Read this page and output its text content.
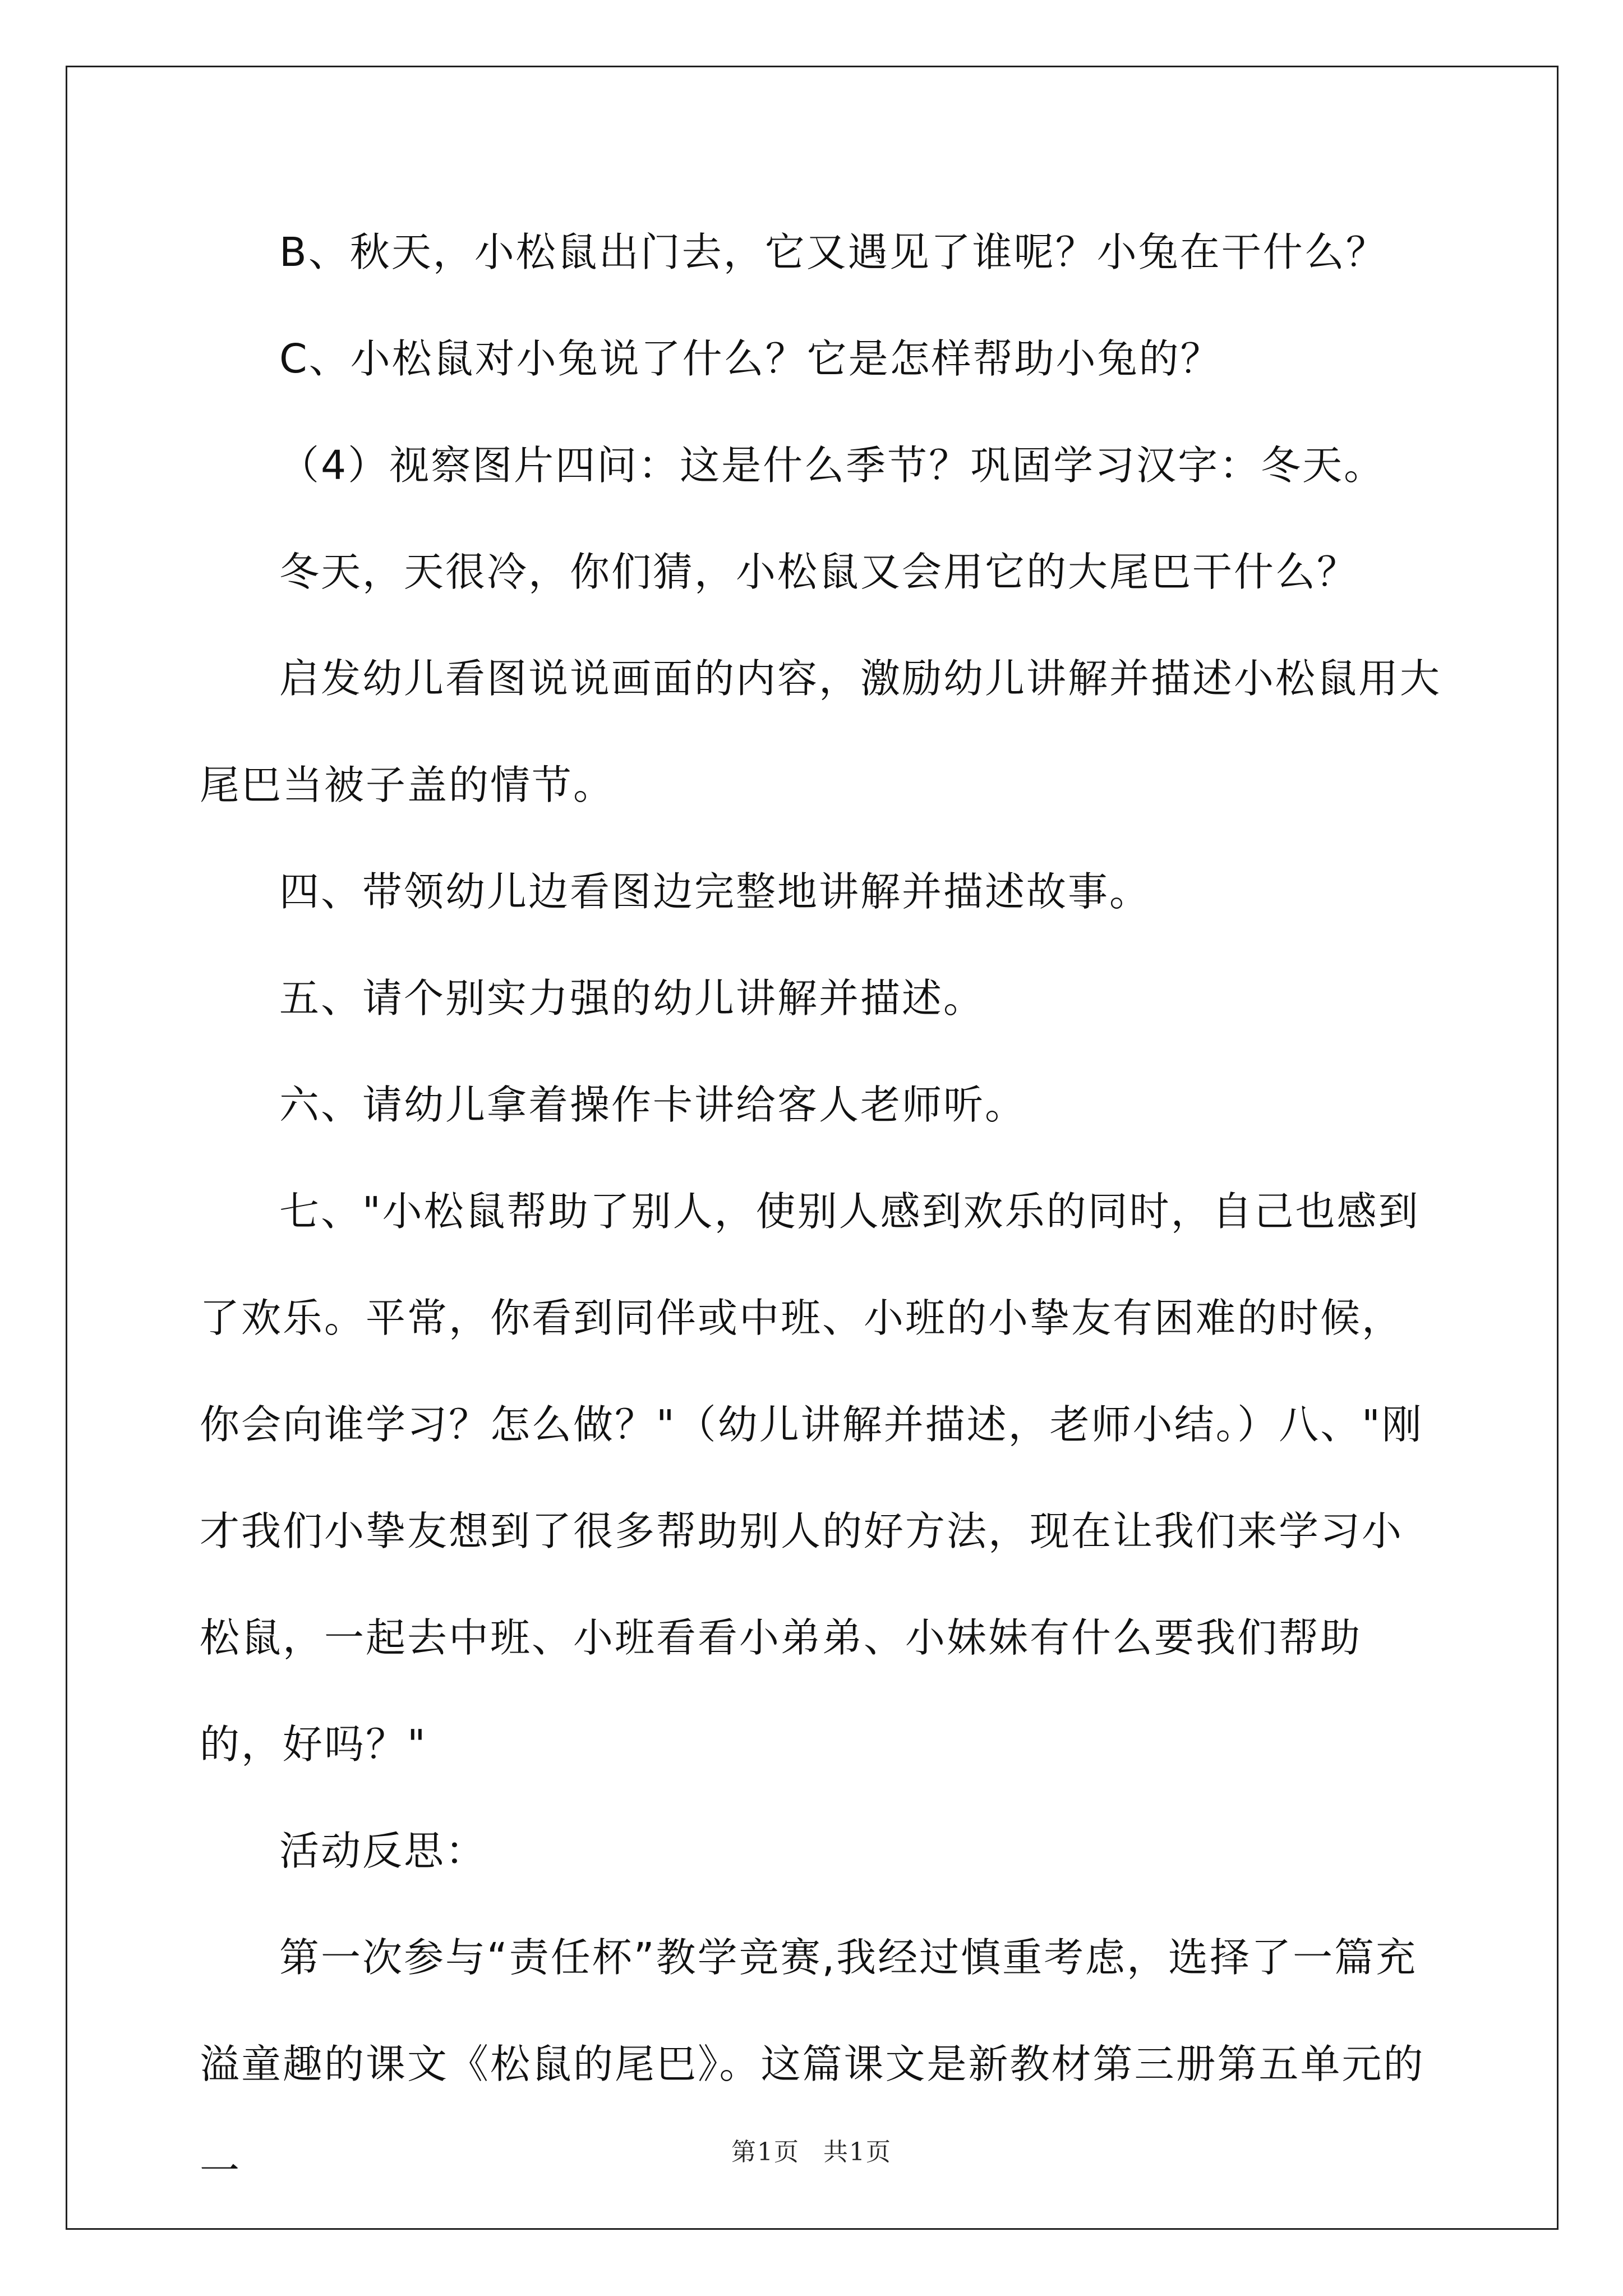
B、秋天，小松鼠出门去，它又遇见了谁呢？小兔在干什么？

C、小松鼠对小兔说了什么？它是怎样帮助小兔的？

（4）视察图片四问：这是什么季节？巩固学习汉字：冬天。

冬天，天很冷，你们猜，小松鼠又会用它的大尾巴干什么？

启发幼儿看图说说画面的内容，激励幼儿讲解并描述小松鼠用大尾巴当被子盖的情节。

四、带领幼儿边看图边完整地讲解并描述故事。

五、请个别实力强的幼儿讲解并描述。

六、请幼儿拿着操作卡讲给客人老师听。

七、"小松鼠帮助了别人，使别人感到欢乐的同时，自己也感到了欢乐。平常，你看到同伴或中班、小班的小挚友有困难的时候，你会向谁学习？怎么做？"（幼儿讲解并描述，老师小结。）八、"刚才我们小挚友想到了很多帮助别人的好方法，现在让我们来学习小松鼠，一起去中班、小班看看小弟弟、小妹妹有什么要我们帮助的，好吗？"

活动反思：

第一次参与“责任杯”教学竞赛,我经过慎重考虑，选择了一篇充溢童趣的课文《松鼠的尾巴》。这篇课文是新教材第三册第五单元的一	第1页 共1页
